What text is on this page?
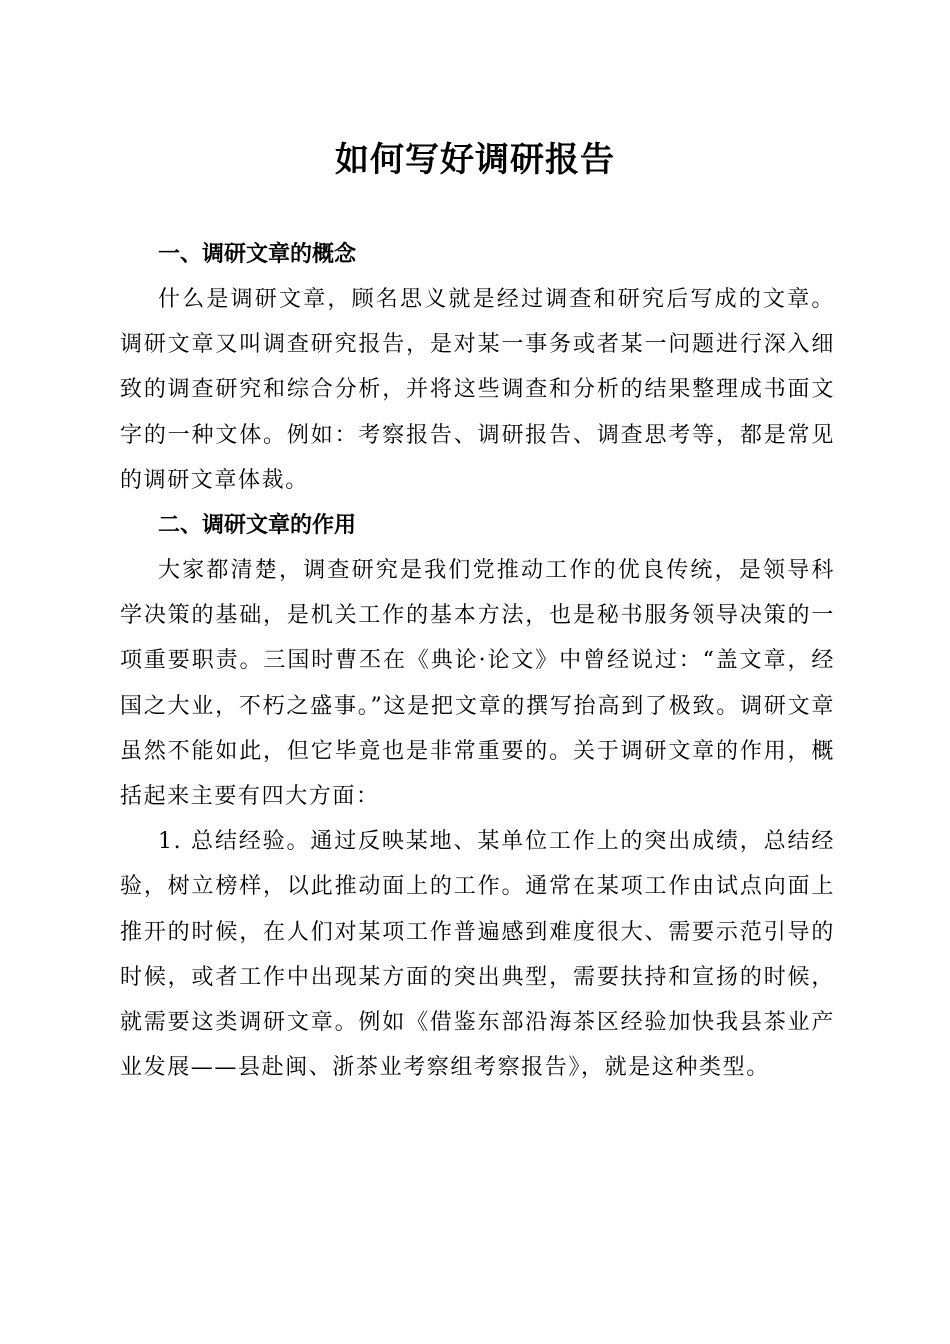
如何写好调研报告
一、调研文章的概念

什么是调研文章，顾名思义就是经过调查和研究后写成的文章。调研文章又叫调查研究报告，是对某一事务或者某一问题进行深入细致的调查研究和综合分析，并将这些调查和分析的结果整理成书面文字的一种文体。例如：考察报告、调研报告、调查思考等，都是常见的调研文章体裁。

二、调研文章的作用

大家都清楚，调查研究是我们党推动工作的优良传统，是领导科学决策的基础，是机关工作的基本方法，也是秘书服务领导决策的一项重要职责。三国时曹丕在《典论·论文》中曾经说过：“盖文章，经国之大业，不朽之盛事。”这是把文章的撰写抬高到了极致。调研文章虽然不能如此，但它毕竟也是非常重要的。关于调研文章的作用，概括起来主要有四大方面：

1. 总结经验。通过反映某地、某单位工作上的突出成绩，总结经验，树立榜样，以此推动面上的工作。通常在某项工作由试点向面上推开的时候，在人们对某项工作普遍感到难度很大、需要示范引导的时候，或者工作中出现某方面的突出典型，需要扶持和宣扬的时候，就需要这类调研文章。例如《借鉴东部沿海茶区经验加快我县茶业产业发展——县赴闽、浙茶业考察组考察报告》，就是这种类型。
